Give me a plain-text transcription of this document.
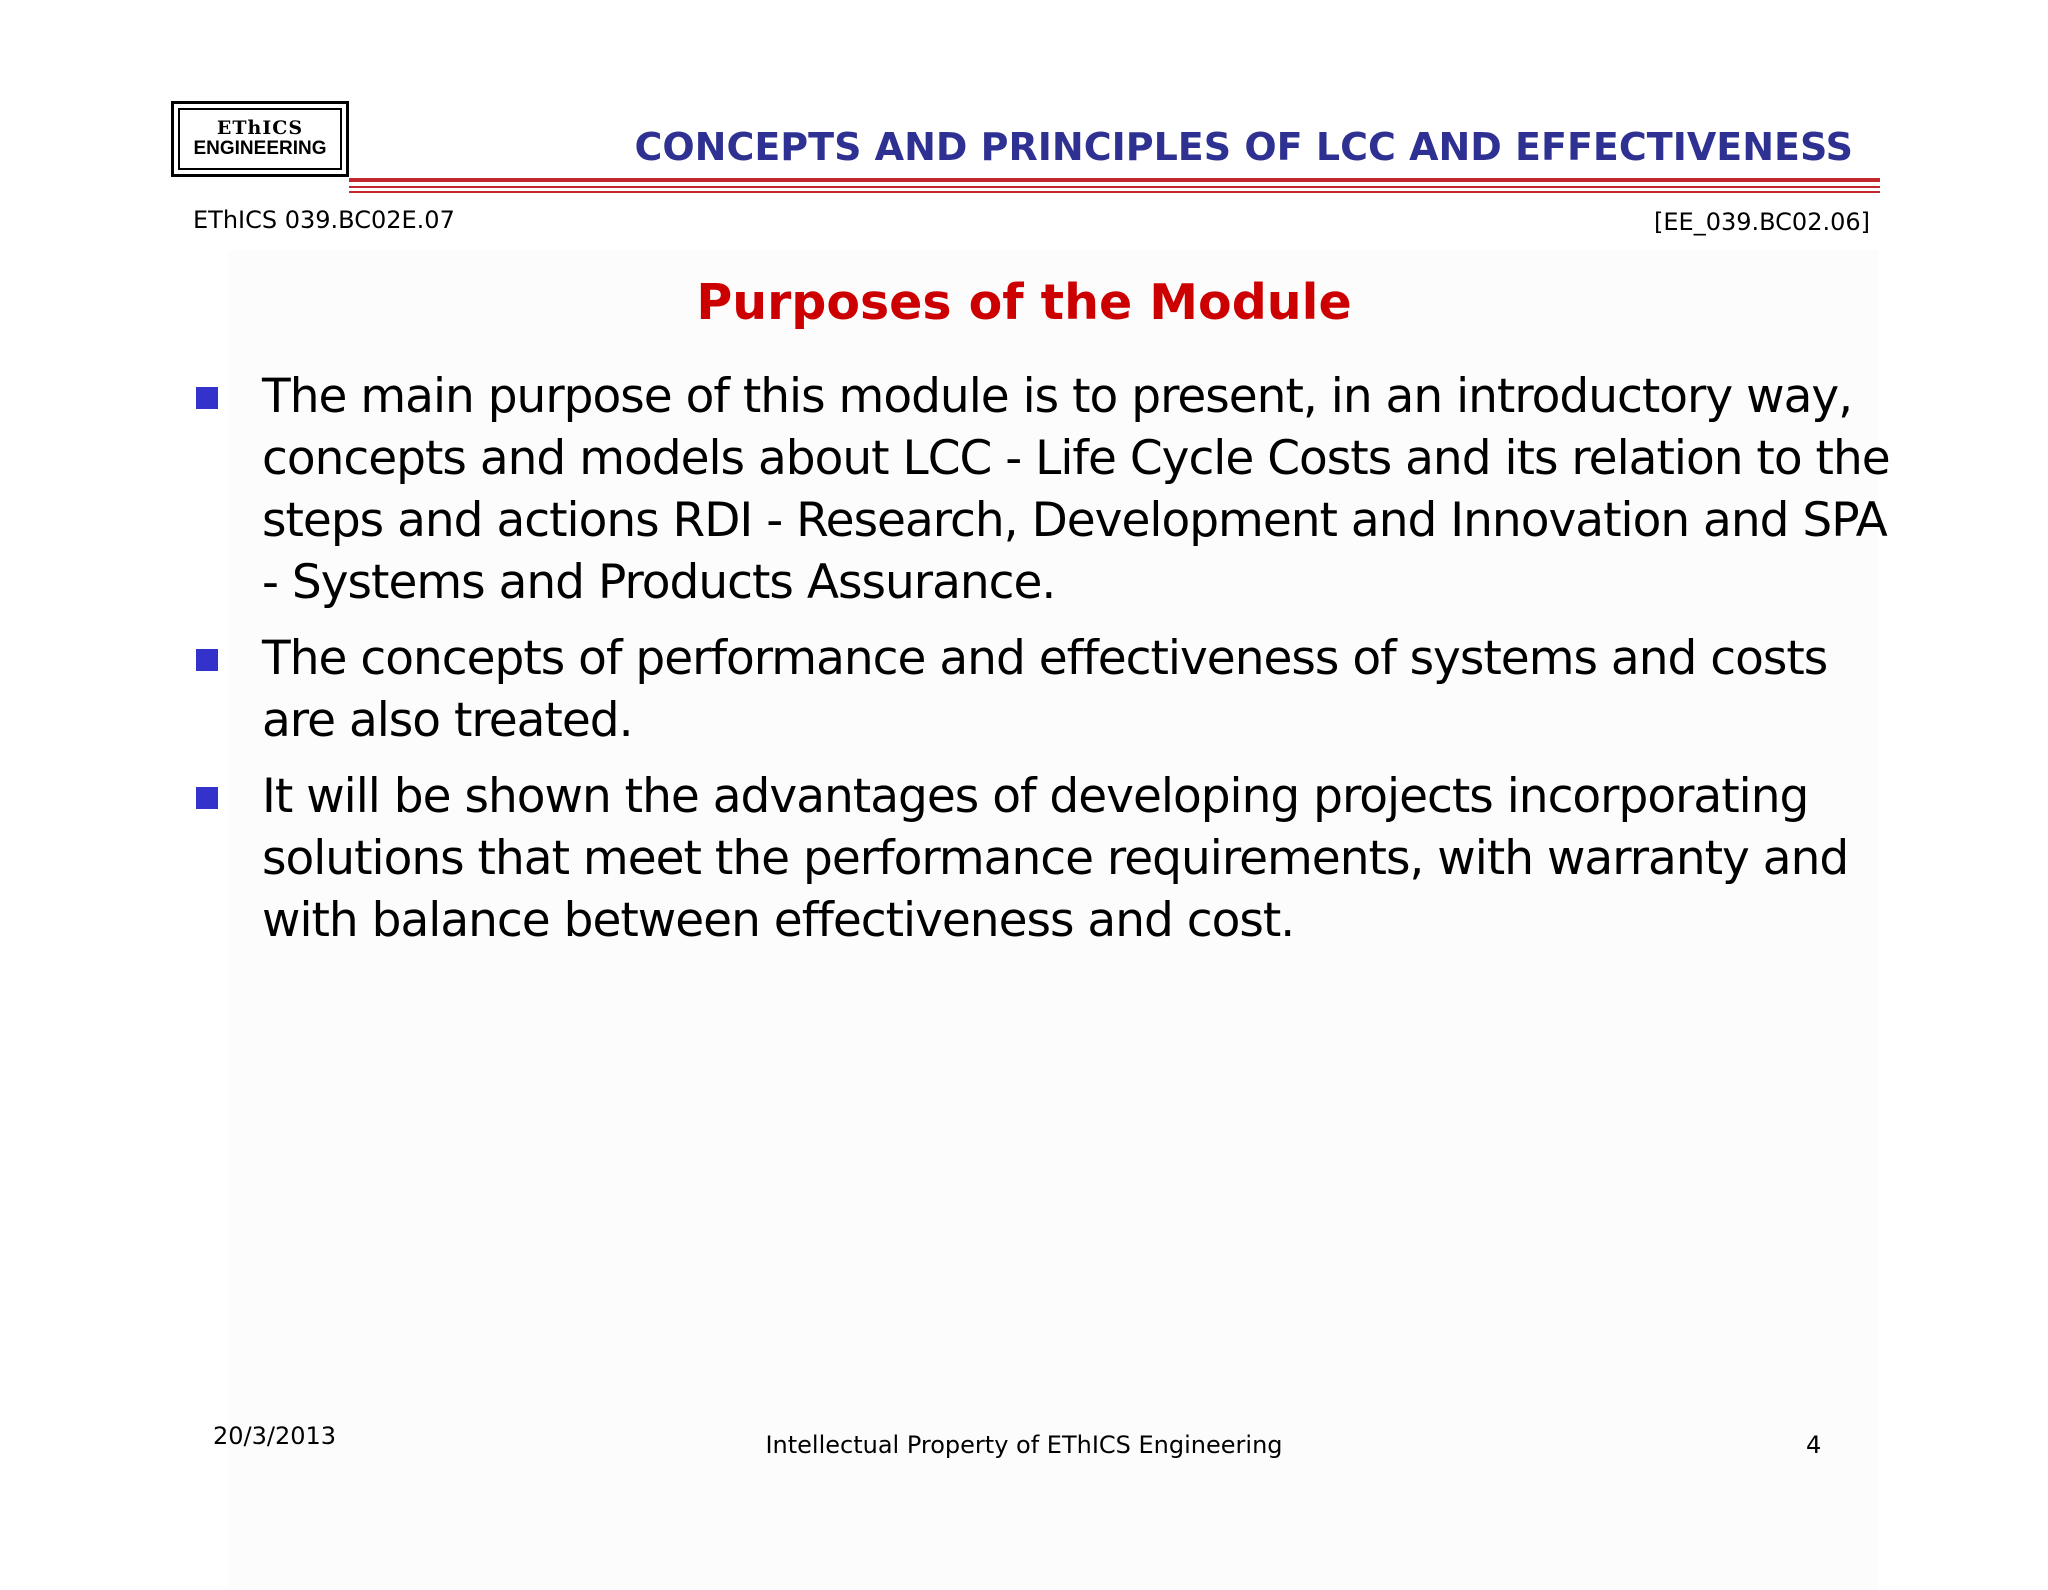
EThICS
ENGINEERING	CONCEPTS AND PRINCIPLES OF LCC AND EFFECTIVENESS
EThICS 039.BC02E.07	[EE_039.BC02.06]
Purposes of the Module
The main purpose of this module is to present, in an introductory way, concepts and models about LCC - Life Cycle Costs and its relation to the steps and actions RDI - Research, Development and Innovation and SPA - Systems and Products Assurance.
The concepts of performance and effectiveness of systems and costs are also treated.
It will be shown the advantages of developing projects incorporating solutions that meet the performance requirements, with warranty and with balance between effectiveness and cost.
20/3/2013	Intellectual Property of EThICS Engineering	4
